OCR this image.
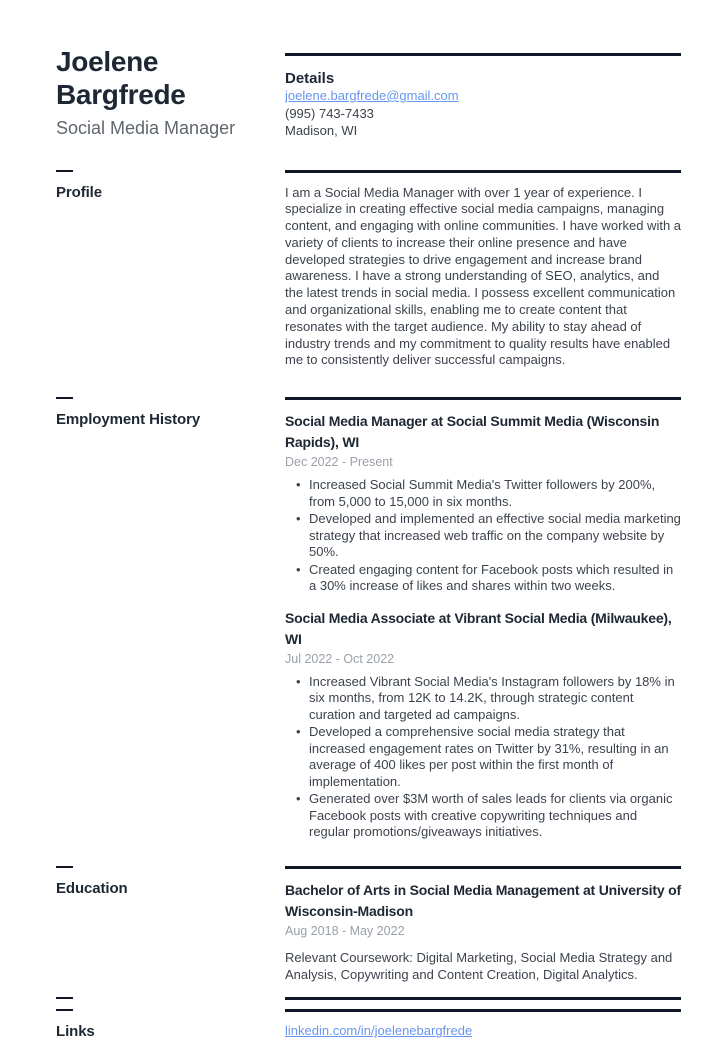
Joelene Bargfrede
Social Media Manager
Details
joelene.bargfrede@gmail.com
(995) 743-7433
Madison, WI
Profile	I am a Social Media Manager with over 1 year of experience. I specialize in creating effective social media campaigns, managing content, and engaging with online communities. I have worked with a variety of clients to increase their online presence and have developed strategies to drive engagement and increase brand awareness. I have a strong understanding of SEO, analytics, and the latest trends in social media. I possess excellent communication and organizational skills, enabling me to create content that resonates with the target audience. My ability to stay ahead of industry trends and my commitment to quality results have enabled me to consistently deliver successful campaigns.

Employment History	Social Media Manager at Social Summit Media (Wisconsin Rapids), WI
Dec 2022 - Present
• Increased Social Summit Media's Twitter followers by 200%, from 5,000 to 15,000 in six months.
• Developed and implemented an effective social media marketing strategy that increased web traffic on the company website by 50%.
• Created engaging content for Facebook posts which resulted in a 30% increase of likes and shares within two weeks.
Social Media Associate at Vibrant Social Media (Milwaukee), WI
Jul 2022 - Oct 2022
• Increased Vibrant Social Media's Instagram followers by 18% in six months, from 12K to 14.2K, through strategic content curation and targeted ad campaigns.
• Developed a comprehensive social media strategy that increased engagement rates on Twitter by 31%, resulting in an average of 400 likes per post within the first month of implementation.
• Generated over $3M worth of sales leads for clients via organic Facebook posts with creative copywriting techniques and regular promotions/giveaways initiatives.
Education	Bachelor of Arts in Social Media Management at University of Wisconsin-Madison
Aug 2018 - May 2022

Relevant Coursework: Digital Marketing, Social Media Strategy and Analysis, Copywriting and Content Creation, Digital Analytics.

Links	linkedin.com/in/joelenebargfrede
